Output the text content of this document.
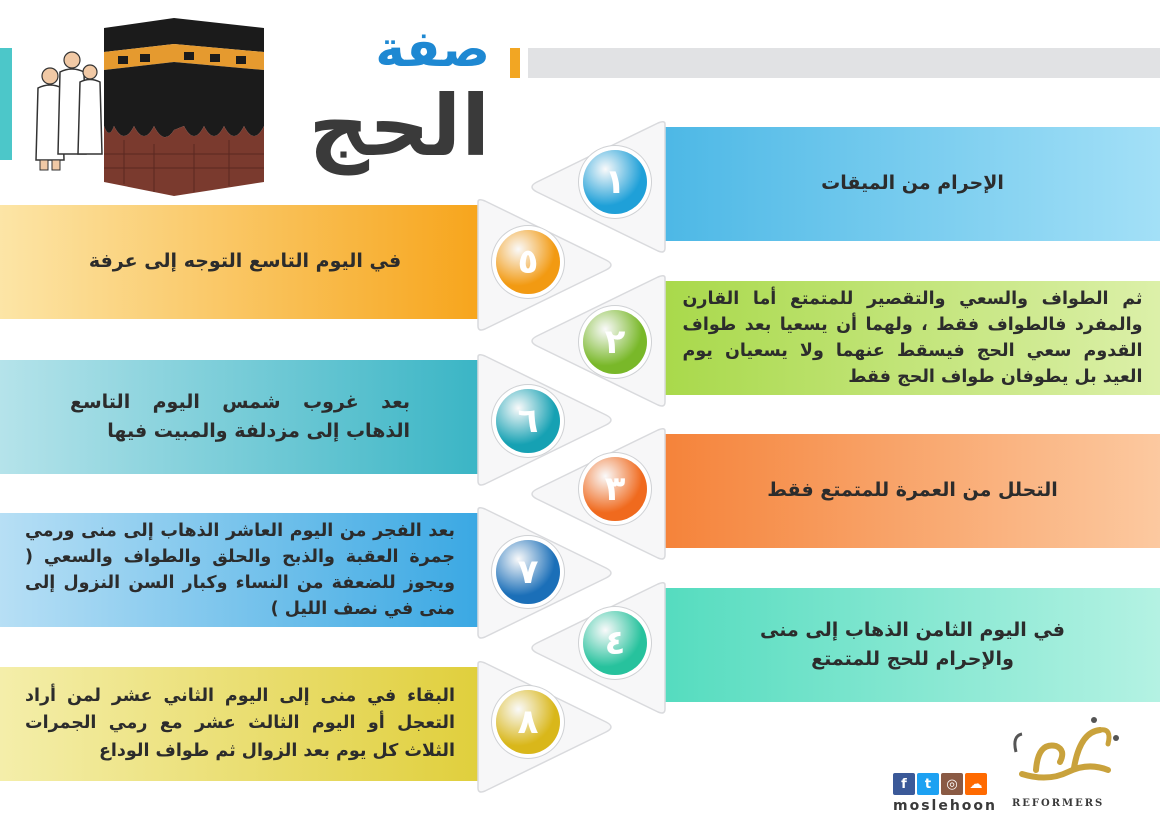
صفة
الحج
الإحرام من الميقات
ثم الطواف والسعي والتقصير للمتمتع أما القارن والمفرد فالطواف فقط ، ولهما أن يسعيا بعد طواف القدوم سعي الحج فيسقط عنهما ولا يسعيان يوم العيد بل يطوفان طواف الحج فقط
التحلل من العمرة للمتمتع فقط
في اليوم الثامن الذهاب إلى منى والإحرام للحج للمتمتع
في اليوم التاسع التوجه إلى عرفة
بعد غروب شمس اليوم التاسع الذهاب إلى مزدلفة والمبيت فيها
بعد الفجر من اليوم العاشر الذهاب إلى منى ورمي جمرة العقبة والذبح والحلق والطواف والسعي ( ويجوز للضعفة من النساء وكبار السن النزول إلى منى في نصف الليل )
البقاء في منى إلى اليوم الثاني عشر لمن أراد التعجل أو اليوم الثالث عشر مع رمي الجمرات الثلاث كل يوم بعد الزوال ثم طواف الوداع
١
٢
٣
٤
٥
٦
٧
٨
f	t	◎ ☁
moslehoon REFORMERS
